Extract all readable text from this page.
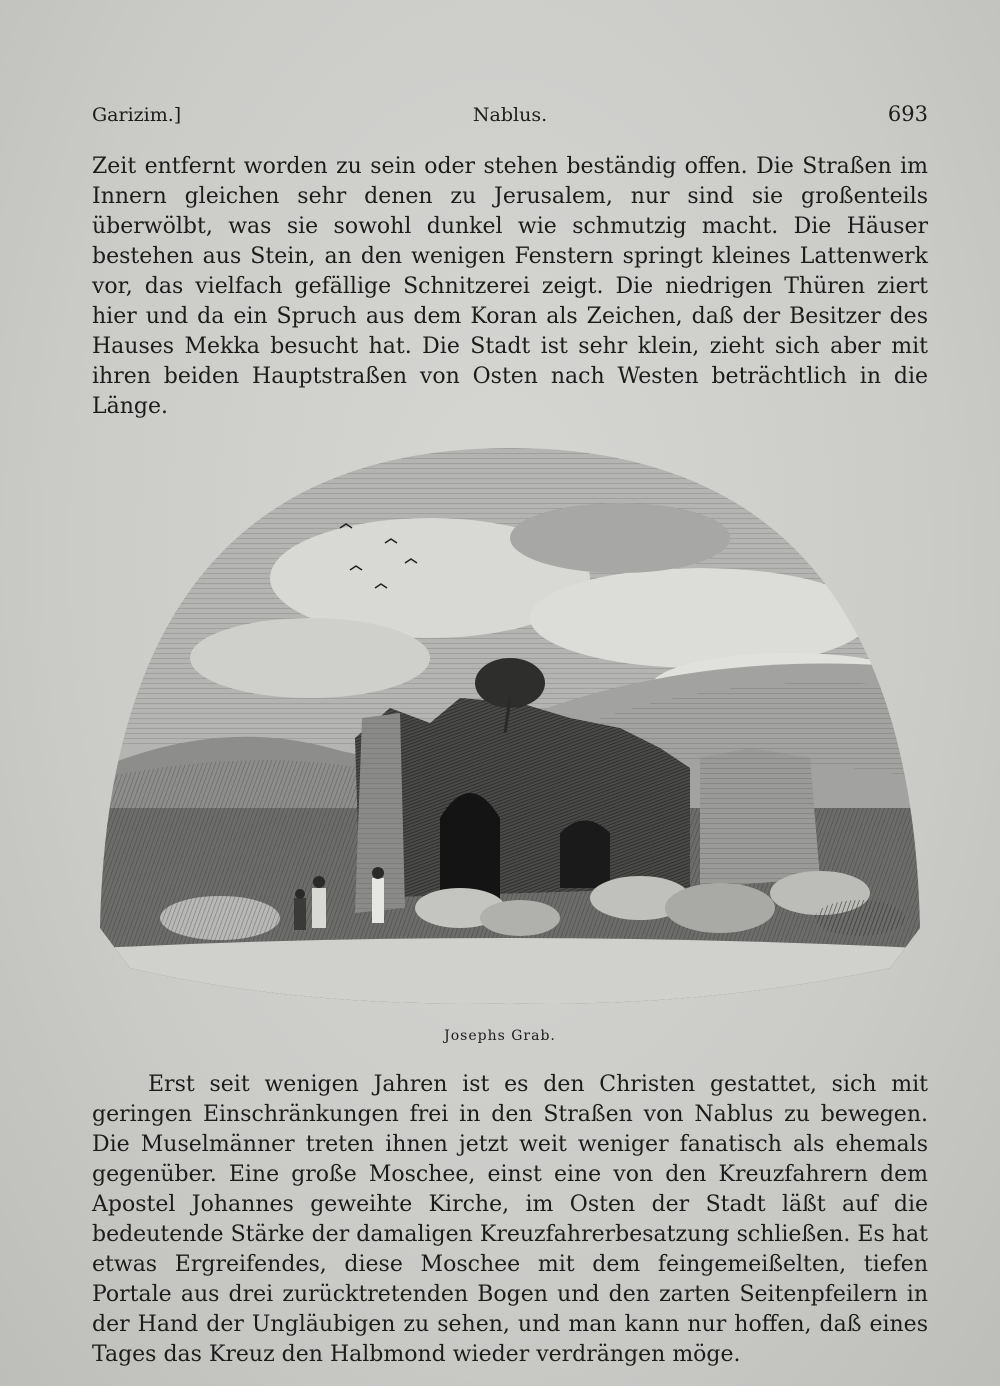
Garizim.]	Nablus.	693

Zeit entfernt worden zu sein oder stehen beständig offen. Die Straßen im Innern gleichen sehr denen zu Jerusalem, nur sind sie großenteils überwölbt, was sie sowohl dunkel wie schmutzig macht. Die Häuser bestehen aus Stein, an den wenigen Fenstern springt kleines Lattenwerk vor, das vielfach gefällige Schnitzerei zeigt. Die niedrigen Thüren ziert hier und da ein Spruch aus dem Koran als Zeichen, daß der Besitzer des Hauses Mekka besucht hat. Die Stadt ist sehr klein, zieht sich aber mit ihren beiden Hauptstraßen von Osten nach Westen beträchtlich in die Länge.

Josephs Grab.

Erst seit wenigen Jahren ist es den Christen gestattet, sich mit geringen Einschränkungen frei in den Straßen von Nablus zu bewegen. Die Muselmänner treten ihnen jetzt weit weniger fanatisch als ehemals gegenüber. Eine große Moschee, einst eine von den Kreuzfahrern dem Apostel Johannes geweihte Kirche, im Osten der Stadt läßt auf die bedeutende Stärke der damaligen Kreuzfahrerbesatzung schließen. Es hat etwas Ergreifendes, diese Moschee mit dem feingemeißelten, tiefen Portale aus drei zurücktretenden Bogen und den zarten Seitenpfeilern in der Hand der Ungläubigen zu sehen, und man kann nur hoffen, daß eines Tages das Kreuz den Halbmond wieder verdrängen möge.
